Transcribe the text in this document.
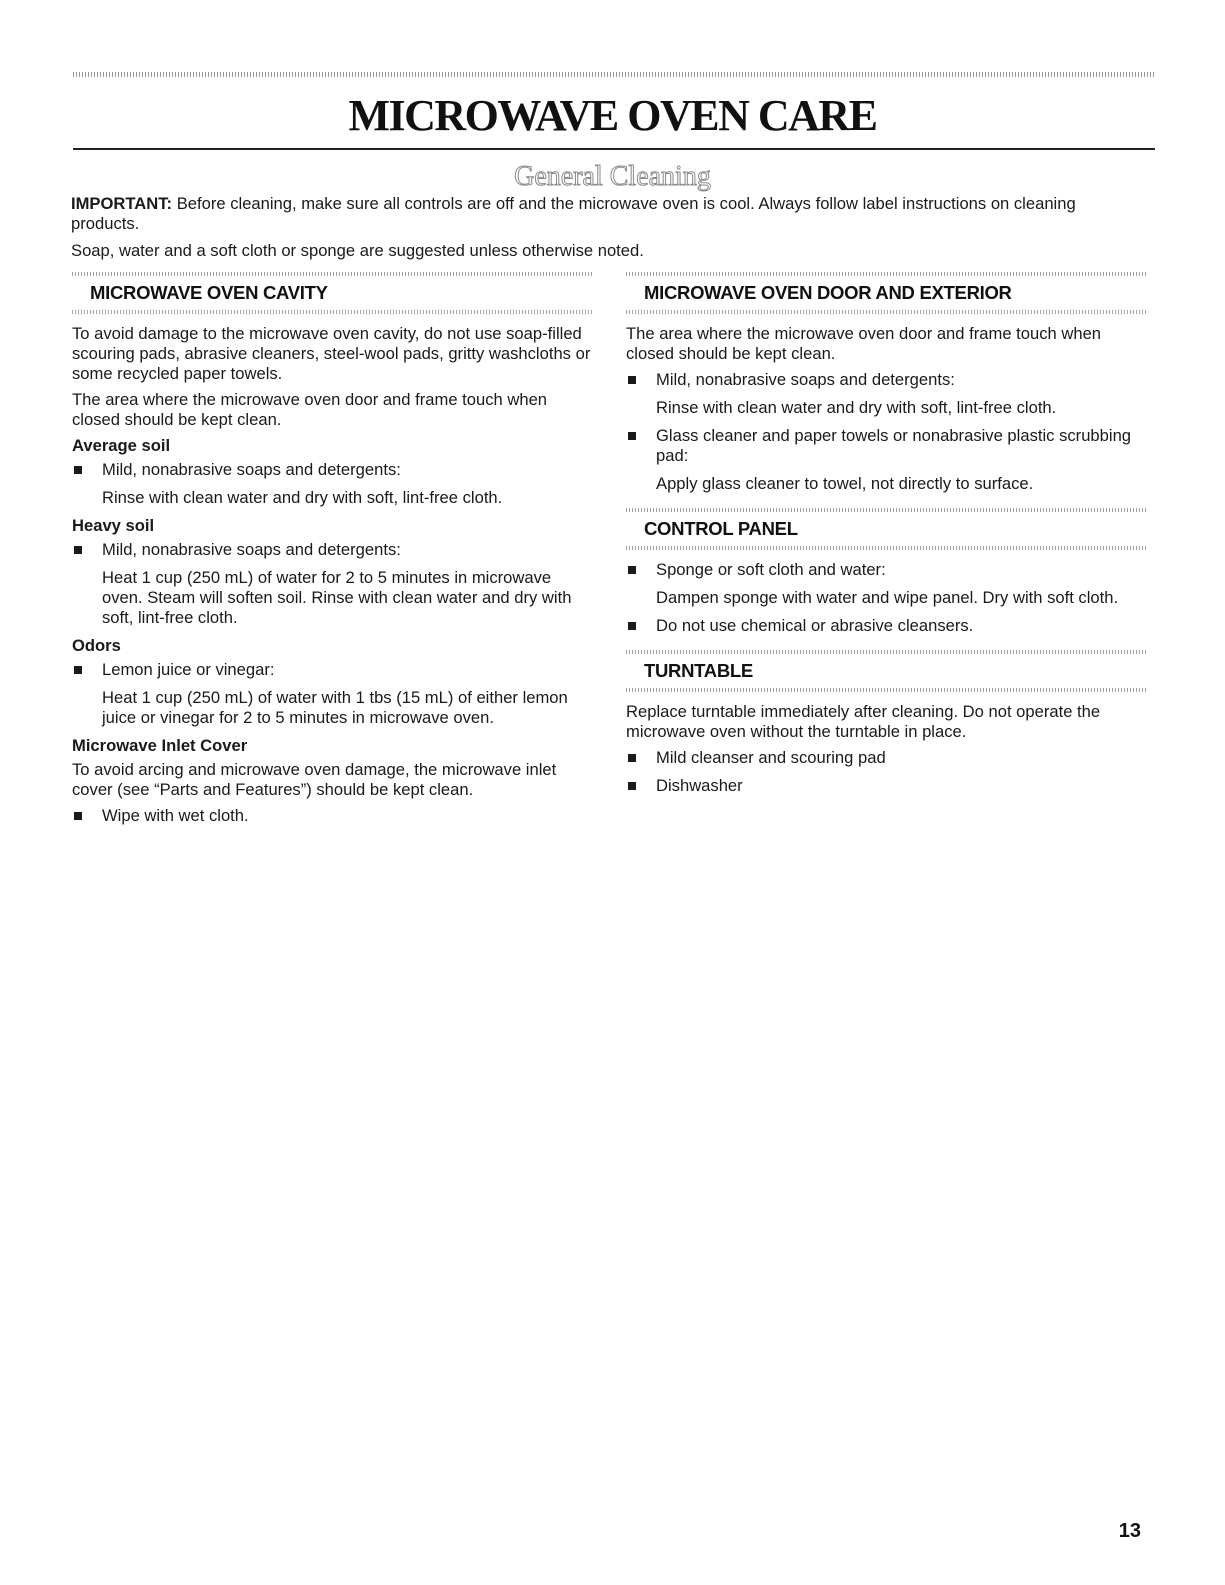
MICROWAVE OVEN CARE
General Cleaning

IMPORTANT: Before cleaning, make sure all controls are off and the microwave oven is cool. Always follow label instructions on cleaning products.

Soap, water and a soft cloth or sponge are suggested unless otherwise noted.

MICROWAVE OVEN CAVITY

To avoid damage to the microwave oven cavity, do not use soap-filled scouring pads, abrasive cleaners, steel-wool pads, gritty washcloths or some recycled paper towels.

The area where the microwave oven door and frame touch when closed should be kept clean.

Average soil
Mild, nonabrasive soaps and detergents:
Rinse with clean water and dry with soft, lint-free cloth.
Heavy soil
Mild, nonabrasive soaps and detergents:
Heat 1 cup (250 mL) of water for 2 to 5 minutes in microwave oven. Steam will soften soil. Rinse with clean water and dry with soft, lint-free cloth.
Odors
Lemon juice or vinegar:
Heat 1 cup (250 mL) of water with 1 tbs (15 mL) of either lemon juice or vinegar for 2 to 5 minutes in microwave oven.
Microwave Inlet Cover

To avoid arcing and microwave oven damage, the microwave inlet cover (see “Parts and Features”) should be kept clean.

Wipe with wet cloth.
MICROWAVE OVEN DOOR AND EXTERIOR

The area where the microwave oven door and frame touch when closed should be kept clean.

Mild, nonabrasive soaps and detergents:
Rinse with clean water and dry with soft, lint-free cloth.
Glass cleaner and paper towels or nonabrasive plastic scrubbing pad:
Apply glass cleaner to towel, not directly to surface.
CONTROL PANEL
Sponge or soft cloth and water:
Dampen sponge with water and wipe panel. Dry with soft cloth.
Do not use chemical or abrasive cleansers.
TURNTABLE

Replace turntable immediately after cleaning. Do not operate the microwave oven without the turntable in place.

Mild cleanser and scouring pad
Dishwasher
13
